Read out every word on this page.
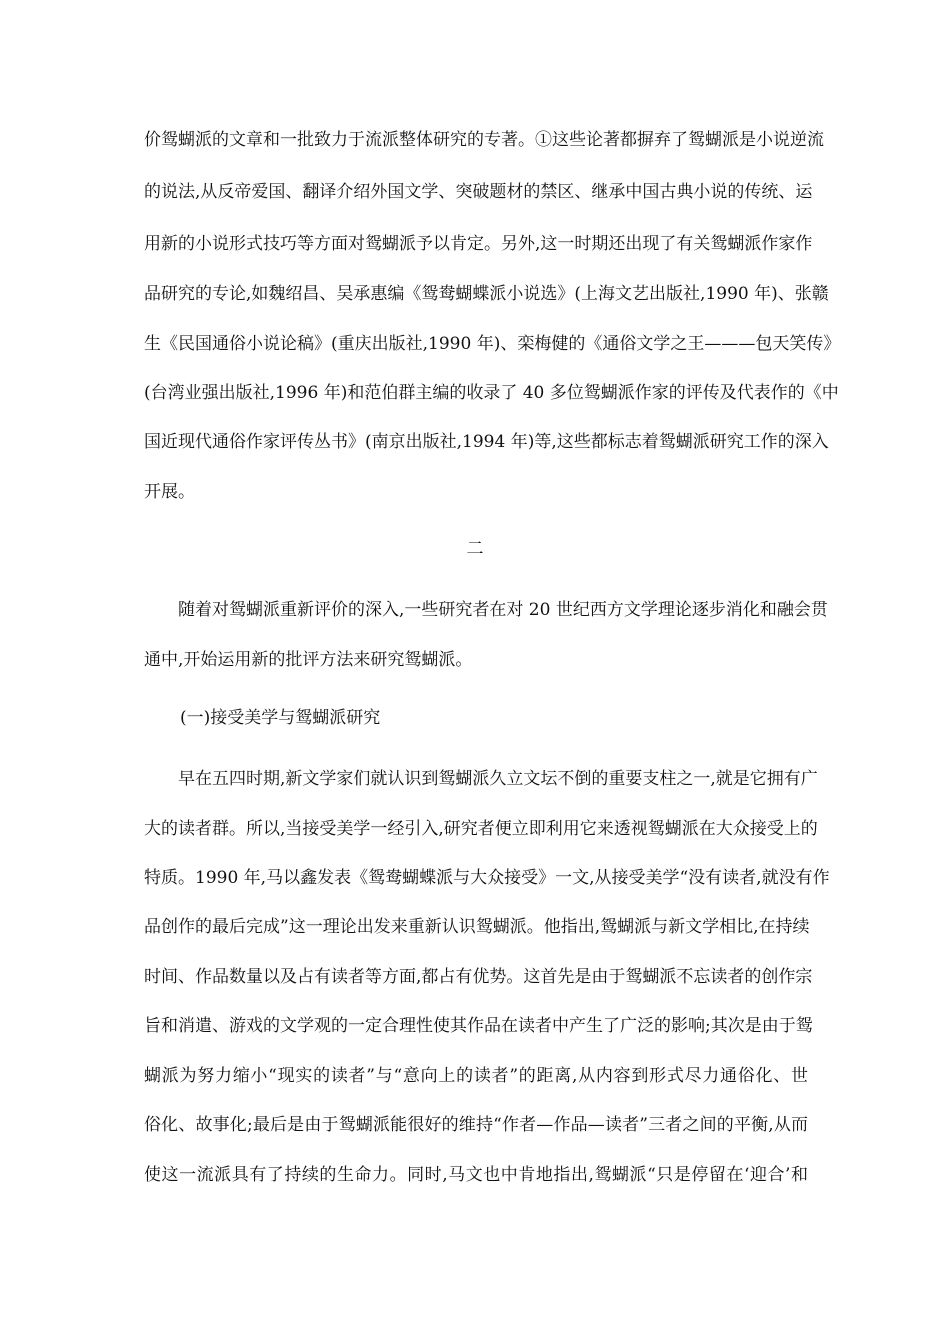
价鸳蝴派的文章和一批致力于流派整体研究的专著。①这些论著都摒弃了鸳蝴派是小说逆流
的说法,从反帝爱国、翻译介绍外国文学、突破题材的禁区、继承中国古典小说的传统、运
用新的小说形式技巧等方面对鸳蝴派予以肯定。另外,这一时期还出现了有关鸳蝴派作家作
品研究的专论,如魏绍昌、吴承惠编《鸳鸯蝴蝶派小说选》(上海文艺出版社,1990 年)、张赣
生《民国通俗小说论稿》(重庆出版社,1990 年)、栾梅健的《通俗文学之王———包天笑传》
(台湾业强出版社,1996 年)和范伯群主编的收录了 40 多位鸳蝴派作家的评传及代表作的《中
国近现代通俗作家评传丛书》(南京出版社,1994 年)等,这些都标志着鸳蝴派研究工作的深入
开展。
二
随着对鸳蝴派重新评价的深入,一些研究者在对 20 世纪西方文学理论逐步消化和融会贯
通中,开始运用新的批评方法来研究鸳蝴派。
(一)接受美学与鸳蝴派研究
早在五四时期,新文学家们就认识到鸳蝴派久立文坛不倒的重要支柱之一,就是它拥有广
大的读者群。所以,当接受美学一经引入,研究者便立即利用它来透视鸳蝴派在大众接受上的
特质。1990 年,马以鑫发表《鸳鸯蝴蝶派与大众接受》一文,从接受美学“没有读者,就没有作
品创作的最后完成”这一理论出发来重新认识鸳蝴派。他指出,鸳蝴派与新文学相比,在持续
时间、作品数量以及占有读者等方面,都占有优势。这首先是由于鸳蝴派不忘读者的创作宗
旨和消遣、游戏的文学观的一定合理性使其作品在读者中产生了广泛的影响;其次是由于鸳
蝴派为努力缩小“现实的读者”与“意向上的读者”的距离,从内容到形式尽力通俗化、世
俗化、故事化;最后是由于鸳蝴派能很好的维持“作者—作品—读者”三者之间的平衡,从而
使这一流派具有了持续的生命力。同时,马文也中肯地指出,鸳蝴派“只是停留在‘迎合’和
